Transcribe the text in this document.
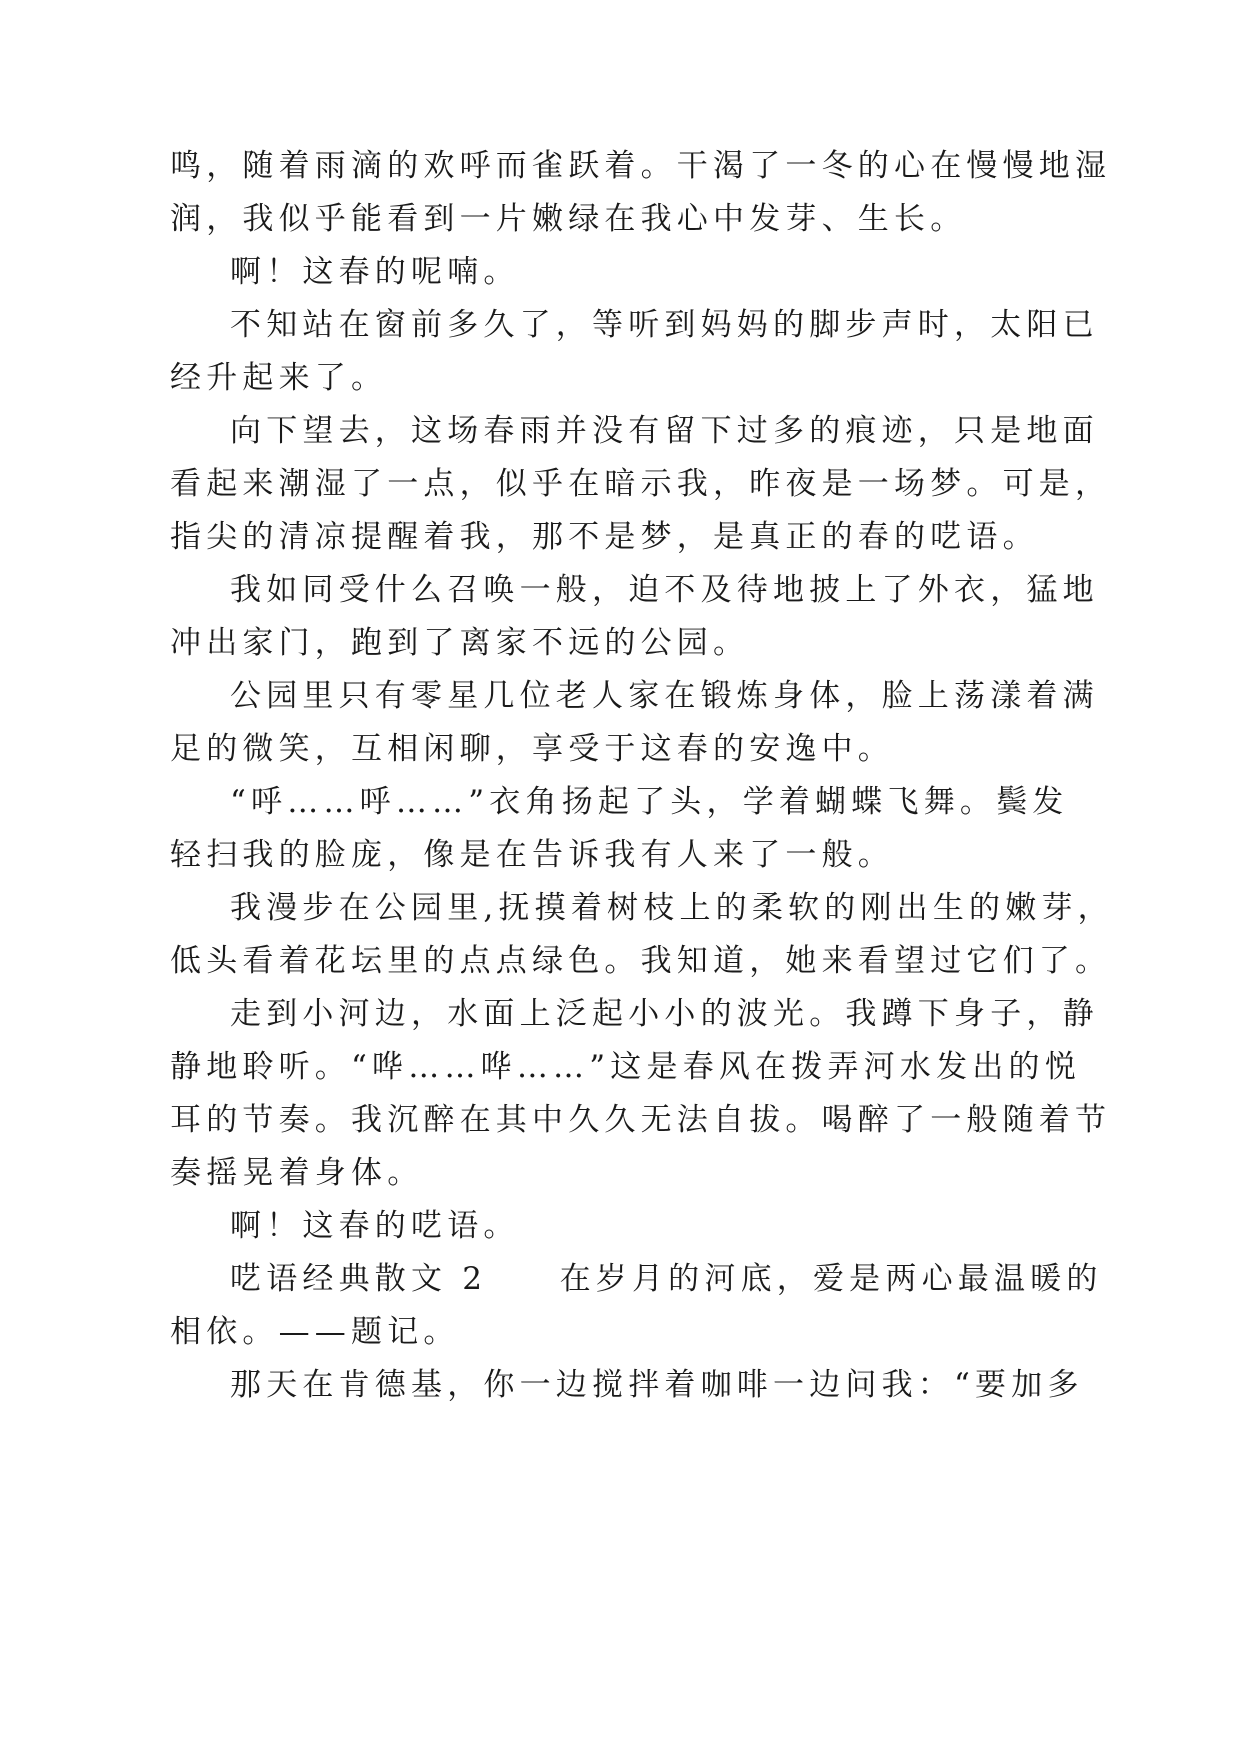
鸣，随着雨滴的欢呼而雀跃着。干渴了一冬的心在慢慢地湿
润，我似乎能看到一片嫩绿在我心中发芽、生长。
啊！这春的呢喃。
不知站在窗前多久了，等听到妈妈的脚步声时，太阳已
经升起来了。
向下望去，这场春雨并没有留下过多的痕迹，只是地面
看起来潮湿了一点，似乎在暗示我，昨夜是一场梦。可是，
指尖的清凉提醒着我，那不是梦，是真正的春的呓语。
我如同受什么召唤一般，迫不及待地披上了外衣，猛地
冲出家门，跑到了离家不远的公园。
公园里只有零星几位老人家在锻炼身体，脸上荡漾着满
足的微笑，互相闲聊，享受于这春的安逸中。
“呼……呼……”衣角扬起了头，学着蝴蝶飞舞。鬓发
轻扫我的脸庞，像是在告诉我有人来了一般。
我漫步在公园里,抚摸着树枝上的柔软的刚出生的嫩芽，
低头看着花坛里的点点绿色。我知道，她来看望过它们了。
走到小河边，水面上泛起小小的波光。我蹲下身子，静
静地聆听。“哗……哗……”这是春风在拨弄河水发出的悦
耳的节奏。我沉醉在其中久久无法自拔。喝醉了一般随着节
奏摇晃着身体。
啊！这春的呓语。
呓语经典散文 2　　在岁月的河底，爱是两心最温暖的
相依。——题记。
那天在肯德基，你一边搅拌着咖啡一边问我：“要加多
